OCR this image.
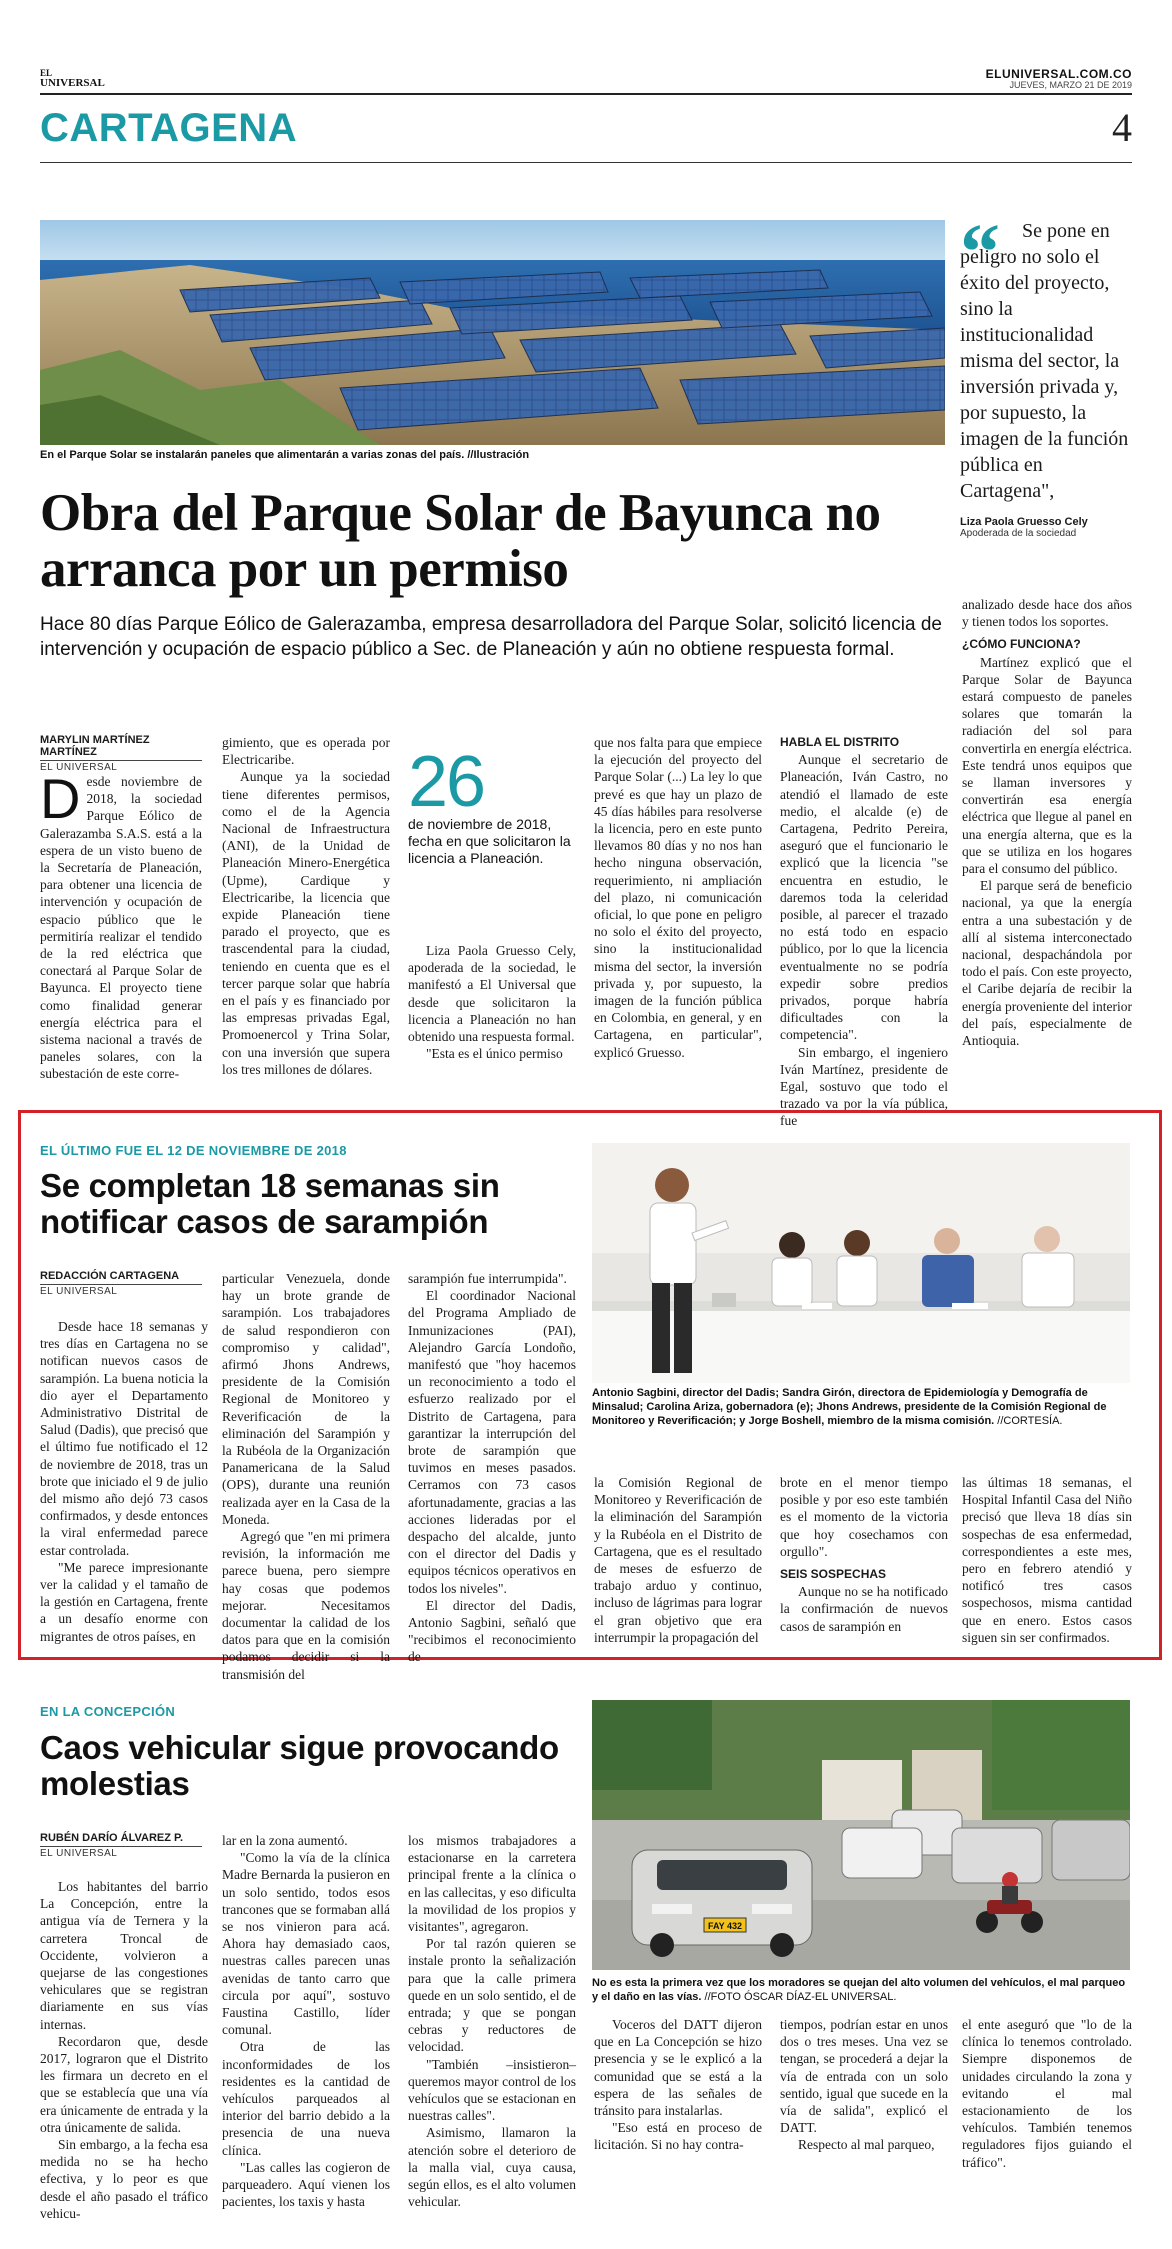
EL
UNIVERSAL
ELUNIVERSAL.COM.CO
JUEVES, MARZO 21 DE 2019
CARTAGENA	4
En el Parque Solar se instalarán paneles que alimentarán a varias zonas del país. //Ilustración
“	Se pone en peligro no solo el éxito del proyecto, sino la institucionalidad misma del sector, la inversión privada y, por supuesto, la imagen de la función pública en Cartagena",
Liza Paola Gruesso Cely
Apoderada de la sociedad
Obra del Parque Solar de Bayunca no arranca por un permiso
Hace 80 días Parque Eólico de Galerazamba, empresa desarrolladora del Parque Solar, solicitó licencia de intervención y ocupación de espacio público a Sec. de Planeación y aún no obtiene respuesta formal.
MARYLIN MARTÍNEZ MARTÍNEZ
EL UNIVERSAL

Desde noviembre de 2018, la sociedad Parque Eólico de Galerazamba S.A.S. está a la espera de un visto bueno de la Secretaría de Planeación, para obtener una licencia de intervención y ocupación de espacio público que le permitiría realizar el tendido de la red eléctrica que conectará al Parque Solar de Bayunca. El proyecto tiene como finalidad generar energía eléctrica para el sistema nacional a través de paneles solares, con la subestación de este corre-

gimiento, que es operada por Electricaribe.

Aunque ya la sociedad tiene diferentes permisos, como el de la Agencia Nacional de Infraestructura (ANI), de la Unidad de Planeación Minero-Energética (Upme), Cardique y Electricaribe, la licencia que expide Planeación tiene parado el proyecto, que es trascendental para la ciudad, teniendo en cuenta que es el tercer parque solar que habría en el país y es financiado por las empresas privadas Egal, Promoenercol y Trina Solar, con una inversión que supera los tres millones de dólares.

26
de noviembre de 2018, fecha en que solicitaron la licencia a Planeación.

Liza Paola Gruesso Cely, apoderada de la sociedad, le manifestó a El Universal que desde que solicitaron la licencia a Planeación no han obtenido una respuesta formal.

"Esta es el único permiso

que nos falta para que empiece la ejecución del proyecto del Parque Solar (...) La ley lo que prevé es que hay un plazo de 45 días hábiles para resolverse la licencia, pero en este punto llevamos 80 días y no nos han hecho ninguna observación, requerimiento, ni ampliación del plazo, ni comunicación oficial, lo que pone en peligro no solo el éxito del proyecto, sino la institucionalidad misma del sector, la inversión privada y, por supuesto, la imagen de la función pública en Colombia, en general, y en Cartagena, en particular", explicó Gruesso.

HABLA EL DISTRITO

Aunque el secretario de Planeación, Iván Castro, no atendió el llamado de este medio, el alcalde (e) de Cartagena, Pedrito Pereira, aseguró que el funcionario le explicó que la licencia "se encuentra en estudio, le daremos toda la celeridad posible, al parecer el trazado no está todo en espacio público, por lo que la licencia eventualmente no se podría expedir sobre predios privados, porque habría dificultades con la competencia".

Sin embargo, el ingeniero Iván Martínez, presidente de Egal, sostuvo que todo el trazado va por la vía pública, fue

analizado desde hace dos años y tienen todos los soportes.

¿CÓMO FUNCIONA?

Martínez explicó que el Parque Solar de Bayunca estará compuesto de paneles solares que tomarán la radiación del sol para convertirla en energía eléctrica. Este tendrá unos equipos que se llaman inversores y convertirán esa energía eléctrica que llegue al panel en una energía alterna, que es la que se utiliza en los hogares para el consumo del público.

El parque será de beneficio nacional, ya que la energía entra a una subestación y de allí al sistema interconectado nacional, despachándola por todo el país. Con este proyecto, el Caribe dejaría de recibir la energía proveniente del interior del país, especialmente de Antioquia.

EL ÚLTIMO FUE EL 12 DE NOVIEMBRE DE 2018
Se completan 18 semanas sin notificar casos de sarampión
Antonio Sagbini, director del Dadis; Sandra Girón, directora de Epidemiología y Demografía de Minsalud; Carolina Ariza, gobernadora (e); Jhons Andrews, presidente de la Comisión Regional de Monitoreo y Reverificación; y Jorge Boshell, miembro de la misma comisión. //CORTESÍA.
REDACCIÓN CARTAGENA
EL UNIVERSAL

Desde hace 18 semanas y tres días en Cartagena no se notifican nuevos casos de sarampión. La buena noticia la dio ayer el Departamento Administrativo Distrital de Salud (Dadis), que precisó que el último fue notificado el 12 de noviembre de 2018, tras un brote que iniciado el 9 de julio del mismo año dejó 73 casos confirmados, y desde entonces la viral enfermedad parece estar controlada.

"Me parece impresionante ver la calidad y el tamaño de la gestión en Cartagena, frente a un desafío enorme con migrantes de otros países, en

particular Venezuela, donde hay un brote grande de sarampión. Los trabajadores de salud respondieron con compromiso y calidad", afirmó Jhons Andrews, presidente de la Comisión Regional de Monitoreo y Reverificación de la eliminación del Sarampión y la Rubéola de la Organización Panamericana de la Salud (OPS), durante una reunión realizada ayer en la Casa de la Moneda.

Agregó que "en mi primera revisión, la información me parece buena, pero siempre hay cosas que podemos mejorar. Necesitamos documentar la calidad de los datos para que en la comisión podamos decidir si la transmisión del

sarampión fue interrumpida".

El coordinador Nacional del Programa Ampliado de Inmunizaciones (PAI), Alejandro García Londoño, manifestó que "hoy hacemos un reconocimiento a todo el esfuerzo realizado por el Distrito de Cartagena, para garantizar la interrupción del brote de sarampión que tuvimos en meses pasados. Cerramos con 73 casos afortunadamente, gracias a las acciones lideradas por el despacho del alcalde, junto con el director del Dadis y equipos técnicos operativos en todos los niveles".

El director del Dadis, Antonio Sagbini, señaló que "recibimos el reconocimiento de

la Comisión Regional de Monitoreo y Reverificación de la eliminación del Sarampión y la Rubéola en el Distrito de Cartagena, que es el resultado de meses de esfuerzo de trabajo arduo y continuo, incluso de lágrimas para lograr el gran objetivo que era interrumpir la propagación del

brote en el menor tiempo posible y por eso este también es el momento de la victoria que hoy cosechamos con orgullo".

SEIS SOSPECHAS

Aunque no se ha notificado la confirmación de nuevos casos de sarampión en

las últimas 18 semanas, el Hospital Infantil Casa del Niño precisó que lleva 18 días sin sospechas de esa enfermedad, correspondientes a este mes, pero en febrero atendió y notificó tres casos sospechosos, misma cantidad que en enero. Estos casos siguen sin ser confirmados.

EN LA CONCEPCIÓN
Caos vehicular sigue provocando molestias
FAY 432
No es esta la primera vez que los moradores se quejan del alto volumen del vehículos, el mal parqueo y el daño en las vías. //FOTO ÓSCAR DÍAZ-EL UNIVERSAL.
RUBÉN DARÍO ÁLVAREZ P.
EL UNIVERSAL

Los habitantes del barrio La Concepción, entre la antigua vía de Ternera y la carretera Troncal de Occidente, volvieron a quejarse de las congestiones vehiculares que se registran diariamente en sus vías internas.

Recordaron que, desde 2017, lograron que el Distrito les firmara un decreto en el que se establecía que una vía era únicamente de entrada y la otra únicamente de salida.

Sin embargo, a la fecha esa medida no se ha hecho efectiva, y lo peor es que desde el año pasado el tráfico vehicu-

lar en la zona aumentó.

"Como la vía de la clínica Madre Bernarda la pusieron en un solo sentido, todos esos trancones que se formaban allá se nos vinieron para acá. Ahora hay demasiado caos, nuestras calles parecen unas avenidas de tanto carro que circula por aquí", sostuvo Faustina Castillo, líder comunal.

Otra de las inconformidades de los residentes es la cantidad de vehículos parqueados al interior del barrio debido a la presencia de una nueva clínica.

"Las calles las cogieron de parqueadero. Aquí vienen los pacientes, los taxis y hasta

los mismos trabajadores a estacionarse en la carretera principal frente a la clínica o en las callecitas, y eso dificulta la movilidad de los propios y visitantes", agregaron.

Por tal razón quieren se instale pronto la señalización para que la calle primera quede en un solo sentido, el de entrada; y que se pongan cebras y reductores de velocidad.

"También –insistieron– queremos mayor control de los vehículos que se estacionan en nuestras calles".

Asimismo, llamaron la atención sobre el deterioro de la malla vial, cuya causa, según ellos, es el alto volumen vehicular.

Voceros del DATT dijeron que en La Concepción se hizo presencia y se le explicó a la comunidad que se está a la espera de las señales de tránsito para instalarlas.

"Eso está en proceso de licitación. Si no hay contra-

tiempos, podrían estar en unos dos o tres meses. Una vez se tengan, se procederá a dejar la vía de entrada con un solo sentido, igual que sucede en la vía de salida", explicó el DATT.

Respecto al mal parqueo,

el ente aseguró que "lo de la clínica lo tenemos controlado. Siempre disponemos de unidades circulando la zona y evitando el mal estacionamiento de los vehículos. También tenemos reguladores fijos guiando el tráfico".
